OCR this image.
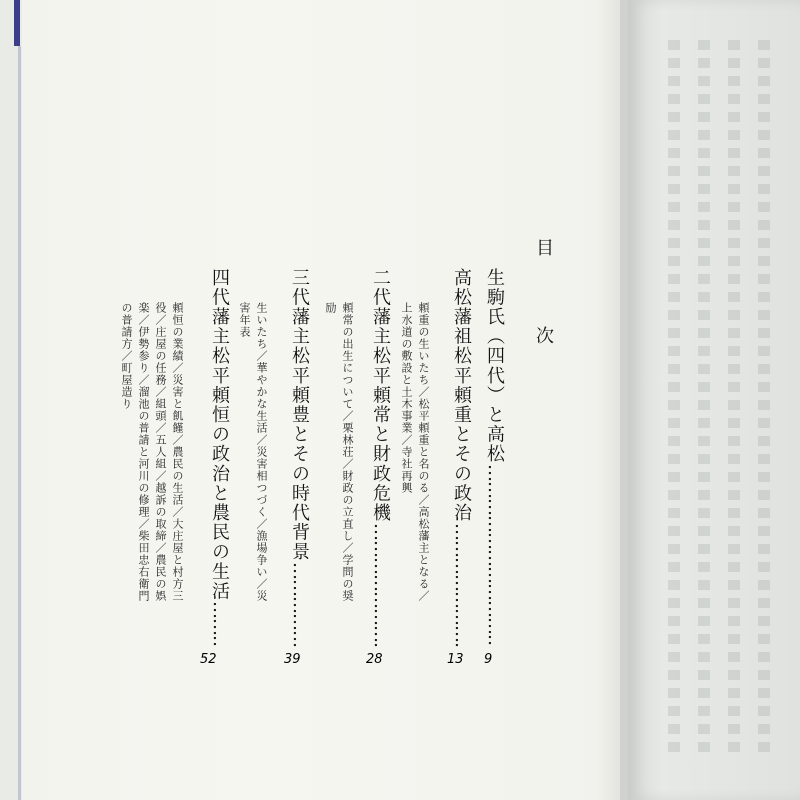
目　次
生駒氏（四代）と高松……………………………………………………………
9
高松藩祖松平頼重とその政治……………………………………………………………
13
頼重の生いたち／松平頼重と名のる／高松藩主となる／
上水道の敷設と土木事業／寺社再興
二代藩主松平頼常と財政危機……………………………………………………………
28
頼常の出生について／栗林荘／財政の立直し／学問の奨
励
三代藩主松平頼豊とその時代背景……………………………………………………………
39
生いたち／華やかな生活／災害相つづく／漁場争い／災
害年表
四代藩主松平頼恒の政治と農民の生活……………………………………………………………
52
頼恒の業績／災害と飢饉／農民の生活／大庄屋と村方三
役／庄屋の任務／組頭／五人組／越訴の取締／農民の娯
楽／伊勢参り／溜池の普請と河川の修理／柴田忠右衛門
の普請方／町屋造り
